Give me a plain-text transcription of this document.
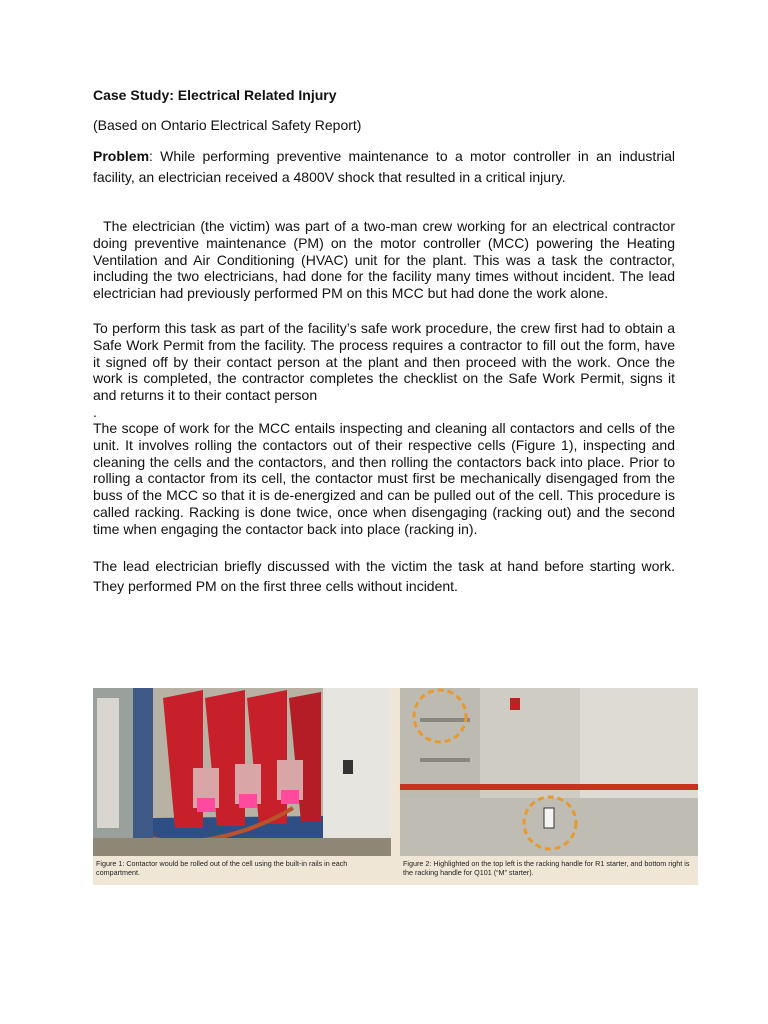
Case Study: Electrical Related Injury

(Based on Ontario Electrical Safety Report)

Problem: While performing preventive maintenance to a motor controller in an industrial facility, an electrician received a 4800V shock that resulted in a critical injury.

The electrician (the victim) was part of a two-man crew working for an electrical contractor doing preventive maintenance (PM) on the motor controller (MCC) powering the Heating Ventilation and Air Conditioning (HVAC) unit for the plant. This was a task the contractor, including the two electricians, had done for the facility many times without incident. The lead electrician had previously performed PM on this MCC but had done the work alone.

To perform this task as part of the facility’s safe work procedure, the crew first had to obtain a Safe Work Permit from the facility. The process requires a contractor to fill out the form, have it signed off by their contact person at the plant and then proceed with the work. Once the work is completed, the contractor completes the checklist on the Safe Work Permit, signs it and returns it to their contact person

.

The scope of work for the MCC entails inspecting and cleaning all contactors and cells of the unit. It involves rolling the contactors out of their respective cells (Figure 1), inspecting and cleaning the cells and the contactors, and then rolling the contactors back into place. Prior to rolling a contactor from its cell, the contactor must first be mechanically disengaged from the buss of the MCC so that it is de-energized and can be pulled out of the cell. This procedure is called racking. Racking is done twice, once when disengaging (racking out) and the second time when engaging the contactor back into place (racking in).

The lead electrician briefly discussed with the victim the task at hand before starting work. They performed PM on the first three cells without incident.

Figure 1: Contactor would be rolled out of the cell using the built-in rails in each compartment.
Figure 2: Highlighted on the top left is the racking handle for R1 starter, and bottom right is the racking handle for Q101 (“M” starter).
